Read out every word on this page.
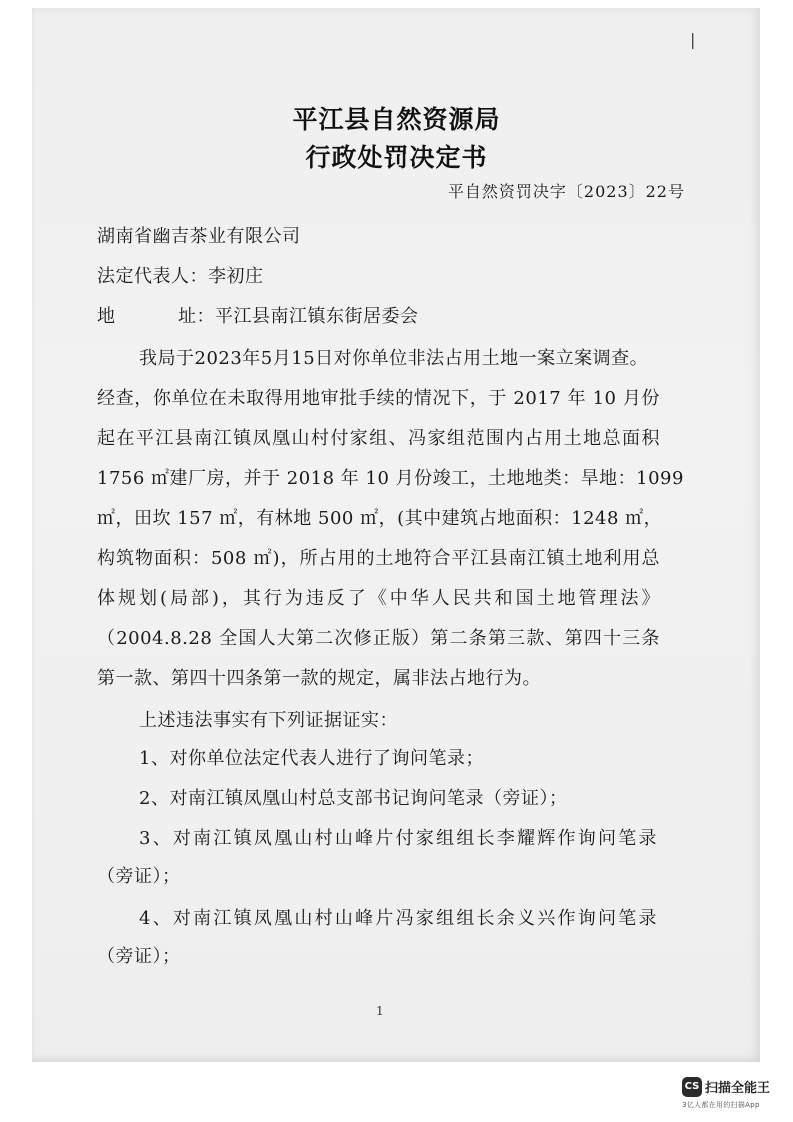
|
平江县自然资源局
行政处罚决定书
平自然资罚决字〔2023〕22号
湖南省幽吉茶业有限公司
法定代表人：李初庄
地	址：平江县南江镇东街居委会
我局于2023年5月15日对你单位非法占用土地一案立案调查。
经查，你单位在未取得用地审批手续的情况下，于 2017 年 10 月份
起在平江县南江镇凤凰山村付家组、冯家组范围内占用土地总面积
1756 ㎡建厂房，并于 2018 年 10 月份竣工，土地地类：旱地：1099
㎡，田坎 157 ㎡，有林地 500 ㎡，(其中建筑占地面积：1248 ㎡，
构筑物面积：508 ㎡)，所占用的土地符合平江县南江镇土地利用总
体规划(局部)，其行为违反了《中华人民共和国土地管理法》
（2004.8.28 全国人大第二次修正版）第二条第三款、第四十三条
第一款、第四十四条第一款的规定，属非法占地行为。
上述违法事实有下列证据证实：
1、对你单位法定代表人进行了询问笔录；
2、对南江镇凤凰山村总支部书记询问笔录（旁证）；
3、对南江镇凤凰山村山峰片付家组组长李耀辉作询问笔录
（旁证）；
4、对南江镇凤凰山村山峰片冯家组组长余义兴作询问笔录
（旁证）；
1
CS 扫描全能王
3亿人都在用的扫描App
